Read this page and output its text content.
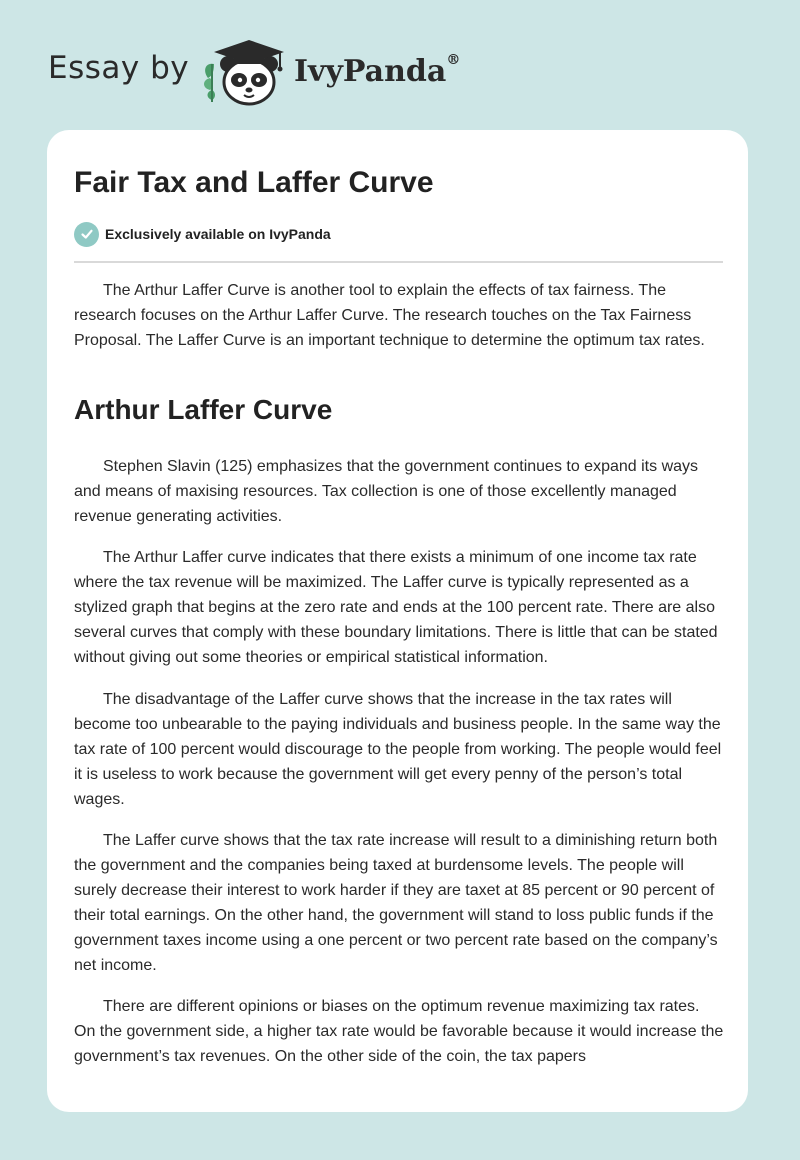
Essay by	IvyPanda®
Fair Tax and Laffer Curve
Exclusively available on IvyPanda

The Arthur Laffer Curve is another tool to explain the effects of tax fairness. The research focuses on the Arthur Laffer Curve. The research touches on the Tax Fairness Proposal. The Laffer Curve is an important technique to determine the optimum tax rates.

Arthur Laffer Curve

Stephen Slavin (125) emphasizes that the government continues to expand its ways and means of maxising resources. Tax collection is one of those excellently managed revenue generating activities.

The Arthur Laffer curve indicates that there exists a minimum of one income tax rate where the tax revenue will be maximized. The Laffer curve is typically represented as a stylized graph that begins at the zero rate and ends at the 100 percent rate. There are also several curves that comply with these boundary limitations. There is little that can be stated without giving out some theories or empirical statistical information.

The disadvantage of the Laffer curve shows that the increase in the tax rates will become too unbearable to the paying individuals and business people. In the same way the tax rate of 100 percent would discourage to the people from working. The people would feel it is useless to work because the government will get every penny of the person’s total wages.

The Laffer curve shows that the tax rate increase will result to a diminishing return both the government and the companies being taxed at burdensome levels. The people will surely decrease their interest to work harder if they are taxet at 85 percent or 90 percent of their total earnings. On the other hand, the government will stand to loss public funds if the government taxes income using a one percent or two percent rate based on the company’s net income.

There are different opinions or biases on the optimum revenue maximizing tax rates. On the government side, a higher tax rate would be favorable because it would increase the government’s tax revenues. On the other side of the coin, the tax papers
